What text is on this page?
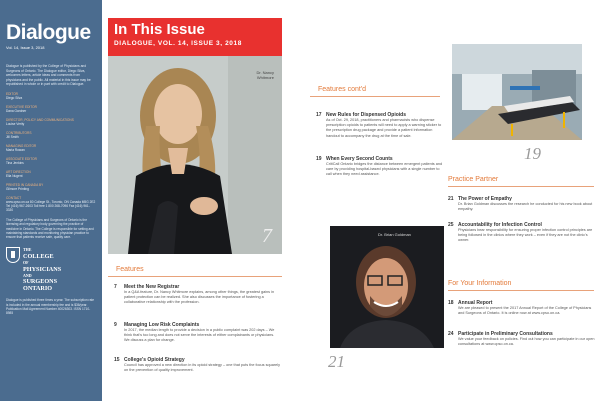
Dialogue
Vol. 14, Issue 3, 2018
Dialogue is published by the College of Physicians and Surgeons of Ontario. The Dialogue editor, Diego Silva, welcomes letters, article ideas and comments from physicians and the public. All material in this issue may be republished in whole or in part with credit to Dialogue.
EDITOR
Diego Silva
EXECUTIVE EDITOR
Dana Gardner
DIRECTOR, POLICY AND COMMUNICATIONS
Louise Verity
CONTRIBUTORS
Jill Smith
MANAGING EDITOR
Maria Rowan
ASSOCIATE EDITOR
Tina Jenkins
ART DIRECTION
Ella Nugent
PRINTED IN CANADA BY
Gilmore Printing
CONTACT
www.cpso.on.ca 80 College St., Toronto, ON Canada M5G 2E2 Tel (416) 967-2603 Toll free 1 800 268-7096 Fax (416) 961-3330
The College of Physicians and Surgeons of Ontario is the licensing and regulatory body governing the practice of medicine in Ontario. The College is responsible for setting and maintaining standards and monitoring physician practice to ensure that patients receive safe, quality care.
THE
COLLEGE
OF
PHYSICIANS
AND
SURGEONS
ONTARIO
Dialogue is published three times a year. The subscription rate is included in the annual membership fee and is $36/year. Publication Mail Agreement Number 40026303. ISSN 1710-8985
In This Issue
DIALOGUE, VOL. 14, ISSUE 3, 2018
Dr. Nancy Whitmore
7
Features
7 Meet the New Registrar
In a Q&A feature, Dr. Nancy Whitmore explains, among other things, the greatest gains in patient protection can be realized. She also discusses the importance of fostering a collaborative relationship with the profession.
9 Managing Low Risk Complaints
In 2017, the median length to provide a decision in a public complaint was 202 days – We think that's too long and does not serve the interests of either complainants or physicians. We discuss a plan for change.
15 College's Opioid Strategy
Council has approved a new direction in its opioid strategy – one that puts the focus squarely on the prevention of quality improvement.
Features cont'd
19
17 New Rules for Dispensed Opioids
As of Oct. 29, 2018, practitioners and pharmacists who dispense prescription opioids to patients will need to apply a warning sticker to the prescription drug package and provide a patient information handout to accompany the drug at the time of sale.
19 When Every Second Counts
CritiCall Ontario bridges the distance between emergent patients and care by providing hospital-based physicians with a single number to call when they need assistance.
Practice Partner
21 The Power of Empathy
Dr. Brian Goldman discusses the research he conducted for his new book about empathy.
25 Accountability for Infection Control
Physicians bear responsibility for ensuring proper infection control principles are being followed in the clinics where they work – even if they are not the clinic's owner.
Dr. Brian Goldman
21
For Your Information
18 Annual Report
We are pleased to present the 2017 Annual Report of the College of Physicians and Surgeons of Ontario. It is online now at www.cpso.on.ca.
24 Participate in Preliminary Consultations
We value your feedback on policies. Find out how you can participate in our open consultations at www.cpso.on.ca.
